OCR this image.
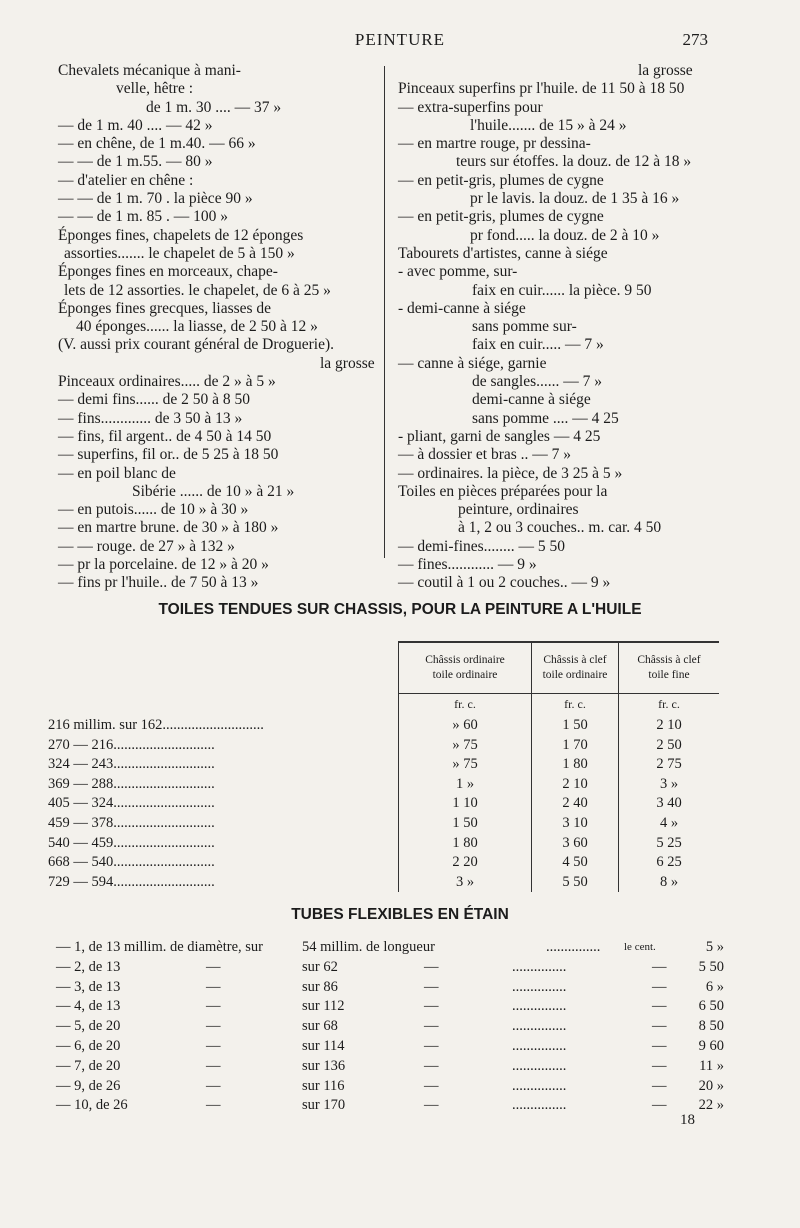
PEINTURE	273
Chevalets mécanique à mani-
velle, hêtre :
de 1 m. 30 .... — 37 »
— de 1 m. 40 .... — 42 »
— en chêne, de 1 m.40. — 66 »
— — de 1 m.55. — 80 »
— d'atelier en chêne :
— — de 1 m. 70 . la pièce 90 »
— — de 1 m. 85 . — 100 »
Éponges fines, chapelets de 12 éponges
assorties....... le chapelet de 5 à 150 »
Éponges fines en morceaux, chape-
lets de 12 assorties. le chapelet, de 6 à 25 »
Éponges fines grecques, liasses de
40 éponges...... la liasse, de 2 50 à 12 »
(V. aussi prix courant général de Droguerie).
la grosse
Pinceaux ordinaires..... de 2 » à 5 »
— demi fins...... de 2 50 à 8 50
— fins............. de 3 50 à 13 »
— fins, fil argent.. de 4 50 à 14 50
— superfins, fil or.. de 5 25 à 18 50
— en poil blanc de
Sibérie ...... de 10 » à 21 »
— en putois...... de 10 » à 30 »
— en martre brune. de 30 » à 180 »
— — rouge. de 27 » à 132 »
— pr la porcelaine. de 12 » à 20 »
— fins pr l'huile.. de 7 50 à 13 »
la grosse
Pinceaux superfins pr l'huile. de 11 50 à 18 50
— extra-superfins pour
l'huile....... de 15 » à 24 »
— en martre rouge, pr dessina-
teurs sur étoffes. la douz. de 12 à 18 »
— en petit-gris, plumes de cygne
pr le lavis. la douz. de 1 35 à 16 »
— en petit-gris, plumes de cygne
pr fond..... la douz. de 2 à 10 »
Tabourets d'artistes, canne à siége
- avec pomme, sur-
faix en cuir...... la pièce. 9 50
- demi-canne à siége
sans pomme sur-
faix en cuir..... — 7 »
— canne à siége, garnie
de sangles...... — 7 »
demi-canne à siége
sans pomme .... — 4 25
- pliant, garni de sangles — 4 25
— à dossier et bras .. — 7 »
— ordinaires. la pièce, de 3 25 à 5 »
Toiles en pièces préparées pour la
peinture, ordinaires
à 1, 2 ou 3 couches.. m. car. 4 50
— demi-fines........ — 5 50
— fines............ — 9 »
— coutil à 1 ou 2 couches.. — 9 »
TOILES TENDUES SUR CHASSIS, POUR LA PEINTURE A L'HUILE
	Châssis ordinaire
toile ordinaire	Châssis à clef
toile ordinaire	Châssis à clef
toile fine
	fr. c.	fr. c.	fr. c.
216 millim. sur 162............................	» 60	1 50	2 10
270 — 216............................	» 75	1 70	2 50
324 — 243............................	» 75	1 80	2 75
369 — 288............................	1 »	2 10	3 »
405 — 324............................	1 10	2 40	3 40
459 — 378............................	1 50	3 10	4 »
540 — 459............................	1 80	3 60	5 25
668 — 540............................	2 20	4 50	6 25
729 — 594............................	3 »	5 50	8 »
TUBES FLEXIBLES EN ÉTAIN
— 1, de 13 millim. de diamètre, sur	54 millim. de longueur	............... le cent.	5 »
— 2, de 13	—	sur 62	—	...............	— 5 50
— 3, de 13	—	sur 86	—	...............	—	6 »
— 4, de 13	—	sur 112	—	...............	— 6 50
— 5, de 20	—	sur 68	—	...............	— 8 50
— 6, de 20	—	sur 114	—	...............	— 9 60
— 7, de 20	—	sur 136	—	...............	— 11 »
— 9, de 26	—	sur 116	—	...............	— 20 »
— 10, de 26	—	sur 170	—	...............	— 22 »
18
